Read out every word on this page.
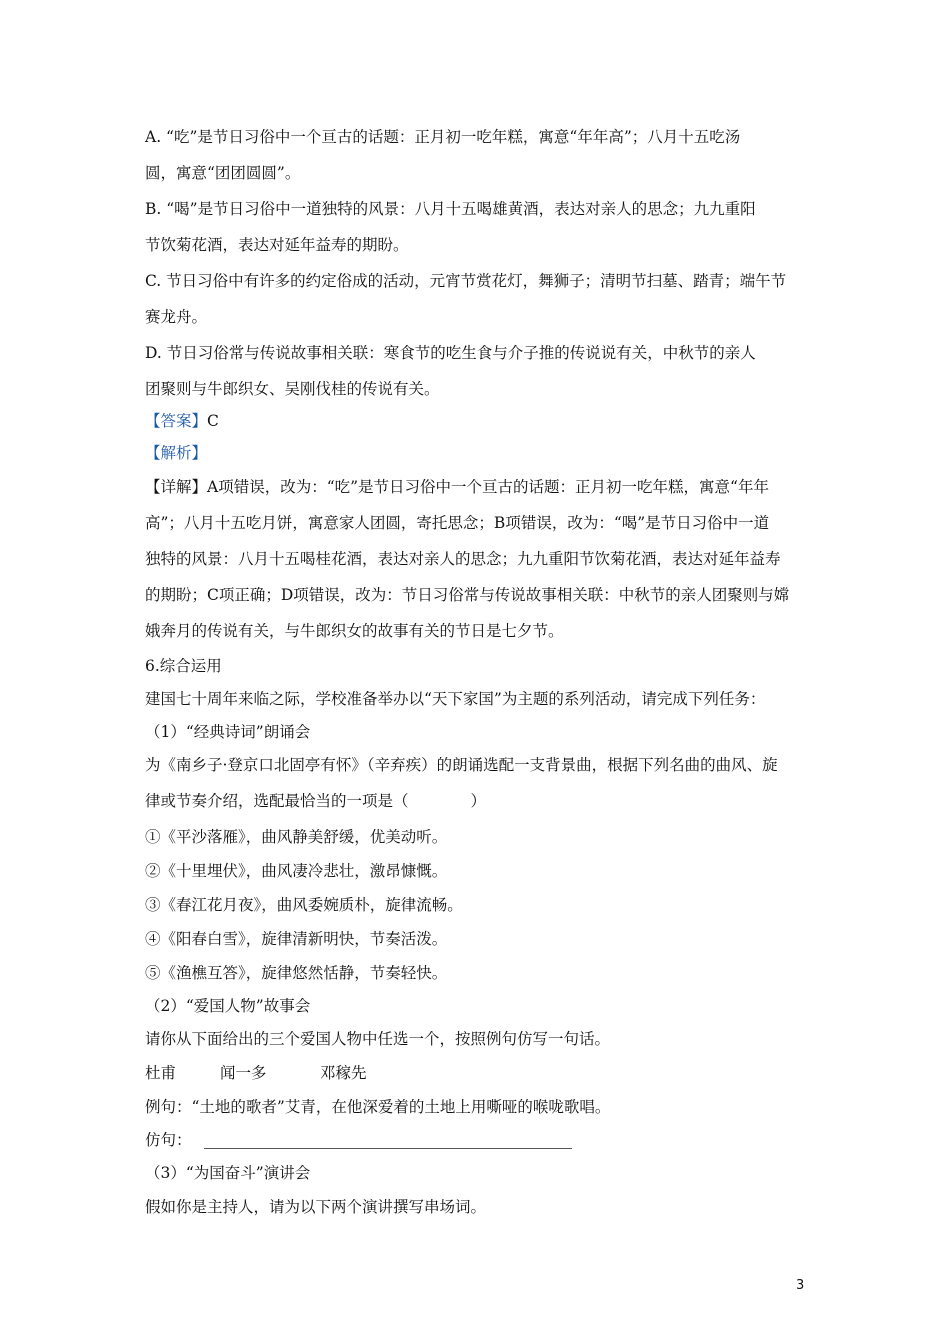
A. “吃”是节日习俗中一个亘古的话题：正月初一吃年糕，寓意“年年高”；八月十五吃汤
圆，寓意“团团圆圆”。
B. “喝”是节日习俗中一道独特的风景：八月十五喝雄黄酒，表达对亲人的思念；九九重阳
节饮菊花酒，表达对延年益寿的期盼。
C. 节日习俗中有许多的约定俗成的活动，元宵节赏花灯，舞狮子；清明节扫墓、踏青；端午节
赛龙舟。
D. 节日习俗常与传说故事相关联：寒食节的吃生食与介子推的传说说有关，中秋节的亲人
团聚则与牛郎织女、吴刚伐桂的传说有关。
【答案】C
【解析】
【详解】A项错误，改为：“吃”是节日习俗中一个亘古的话题：正月初一吃年糕，寓意“年年
高”；八月十五吃月饼，寓意家人团圆，寄托思念；B项错误，改为：“喝”是节日习俗中一道
独特的风景：八月十五喝桂花酒，表达对亲人的思念；九九重阳节饮菊花酒，表达对延年益寿
的期盼；C项正确；D项错误，改为：节日习俗常与传说故事相关联：中秋节的亲人团聚则与嫦
娥奔月的传说有关，与牛郎织女的故事有关的节日是七夕节。
6.综合运用
建国七十周年来临之际，学校准备举办以“天下家国”为主题的系列活动，请完成下列任务：
（1）“经典诗词”朗诵会
为《南乡子·登京口北固亭有怀》（辛弃疾）的朗诵选配一支背景曲，根据下列名曲的曲风、旋
律或节奏介绍，选配最恰当的一项是（　　　　）
①《平沙落雁》，曲风静美舒缓，优美动听。
②《十里埋伏》，曲风凄冷悲壮，激昂慷慨。
③《春江花月夜》，曲风委婉质朴，旋律流畅。
④《阳春白雪》，旋律清新明快，节奏活泼。
⑤《渔樵互答》，旋律悠然恬静，节奏轻快。
（2）“爱国人物”故事会
请你从下面给出的三个爱国人物中任选一个，按照例句仿写一句话。
杜甫	闻一多	邓稼先
例句：“土地的歌者”艾青，在他深爱着的土地上用嘶哑的喉咙歌唱。
仿句：
（3）“为国奋斗”演讲会
假如你是主持人，请为以下两个演讲撰写串场词。
3
